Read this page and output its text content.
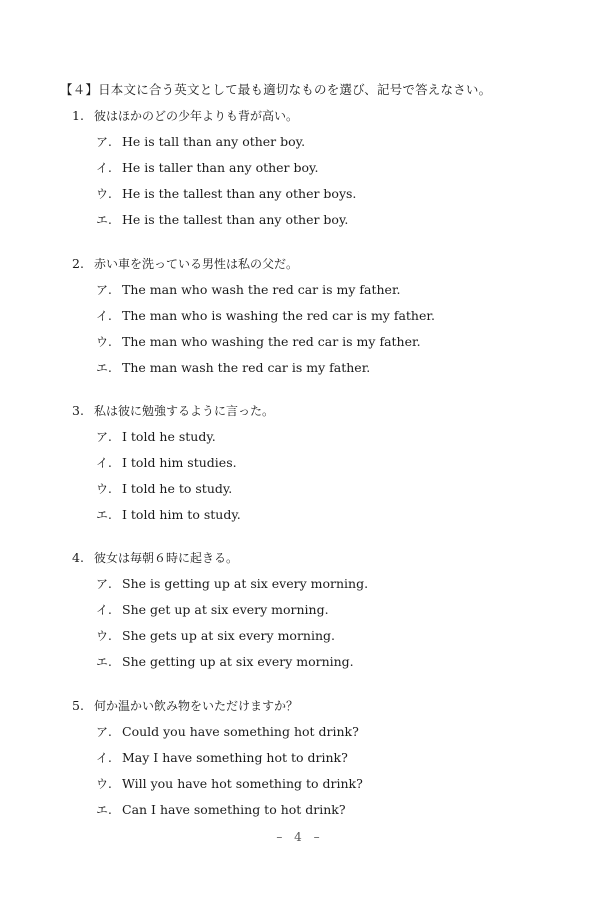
【４】日本文に合う英文として最も適切なものを選び、記号で答えなさい。
1. 彼はほかのどの少年よりも背が高い。
ア. He is tall than any other boy.
イ. He is taller than any other boy.
ウ. He is the tallest than any other boys.
エ. He is the tallest than any other boy.
2. 赤い車を洗っている男性は私の父だ。
ア. The man who wash the red car is my father.
イ. The man who is washing the red car is my father.
ウ. The man who washing the red car is my father.
エ. The man wash the red car is my father.
3. 私は彼に勉強するように言った。
ア. I told he study.
イ. I told him studies.
ウ. I told he to study.
エ. I told him to study.
4. 彼女は毎朝６時に起きる。
ア. She is getting up at six every morning.
イ. She get up at six every morning.
ウ. She gets up at six every morning.
エ. She getting up at six every morning.
5. 何か温かい飲み物をいただけますか？
ア. Could you have something hot drink?
イ. May I have something hot to drink?
ウ. Will you have hot something to drink?
エ. Can I have something to hot drink?
– 4 –
